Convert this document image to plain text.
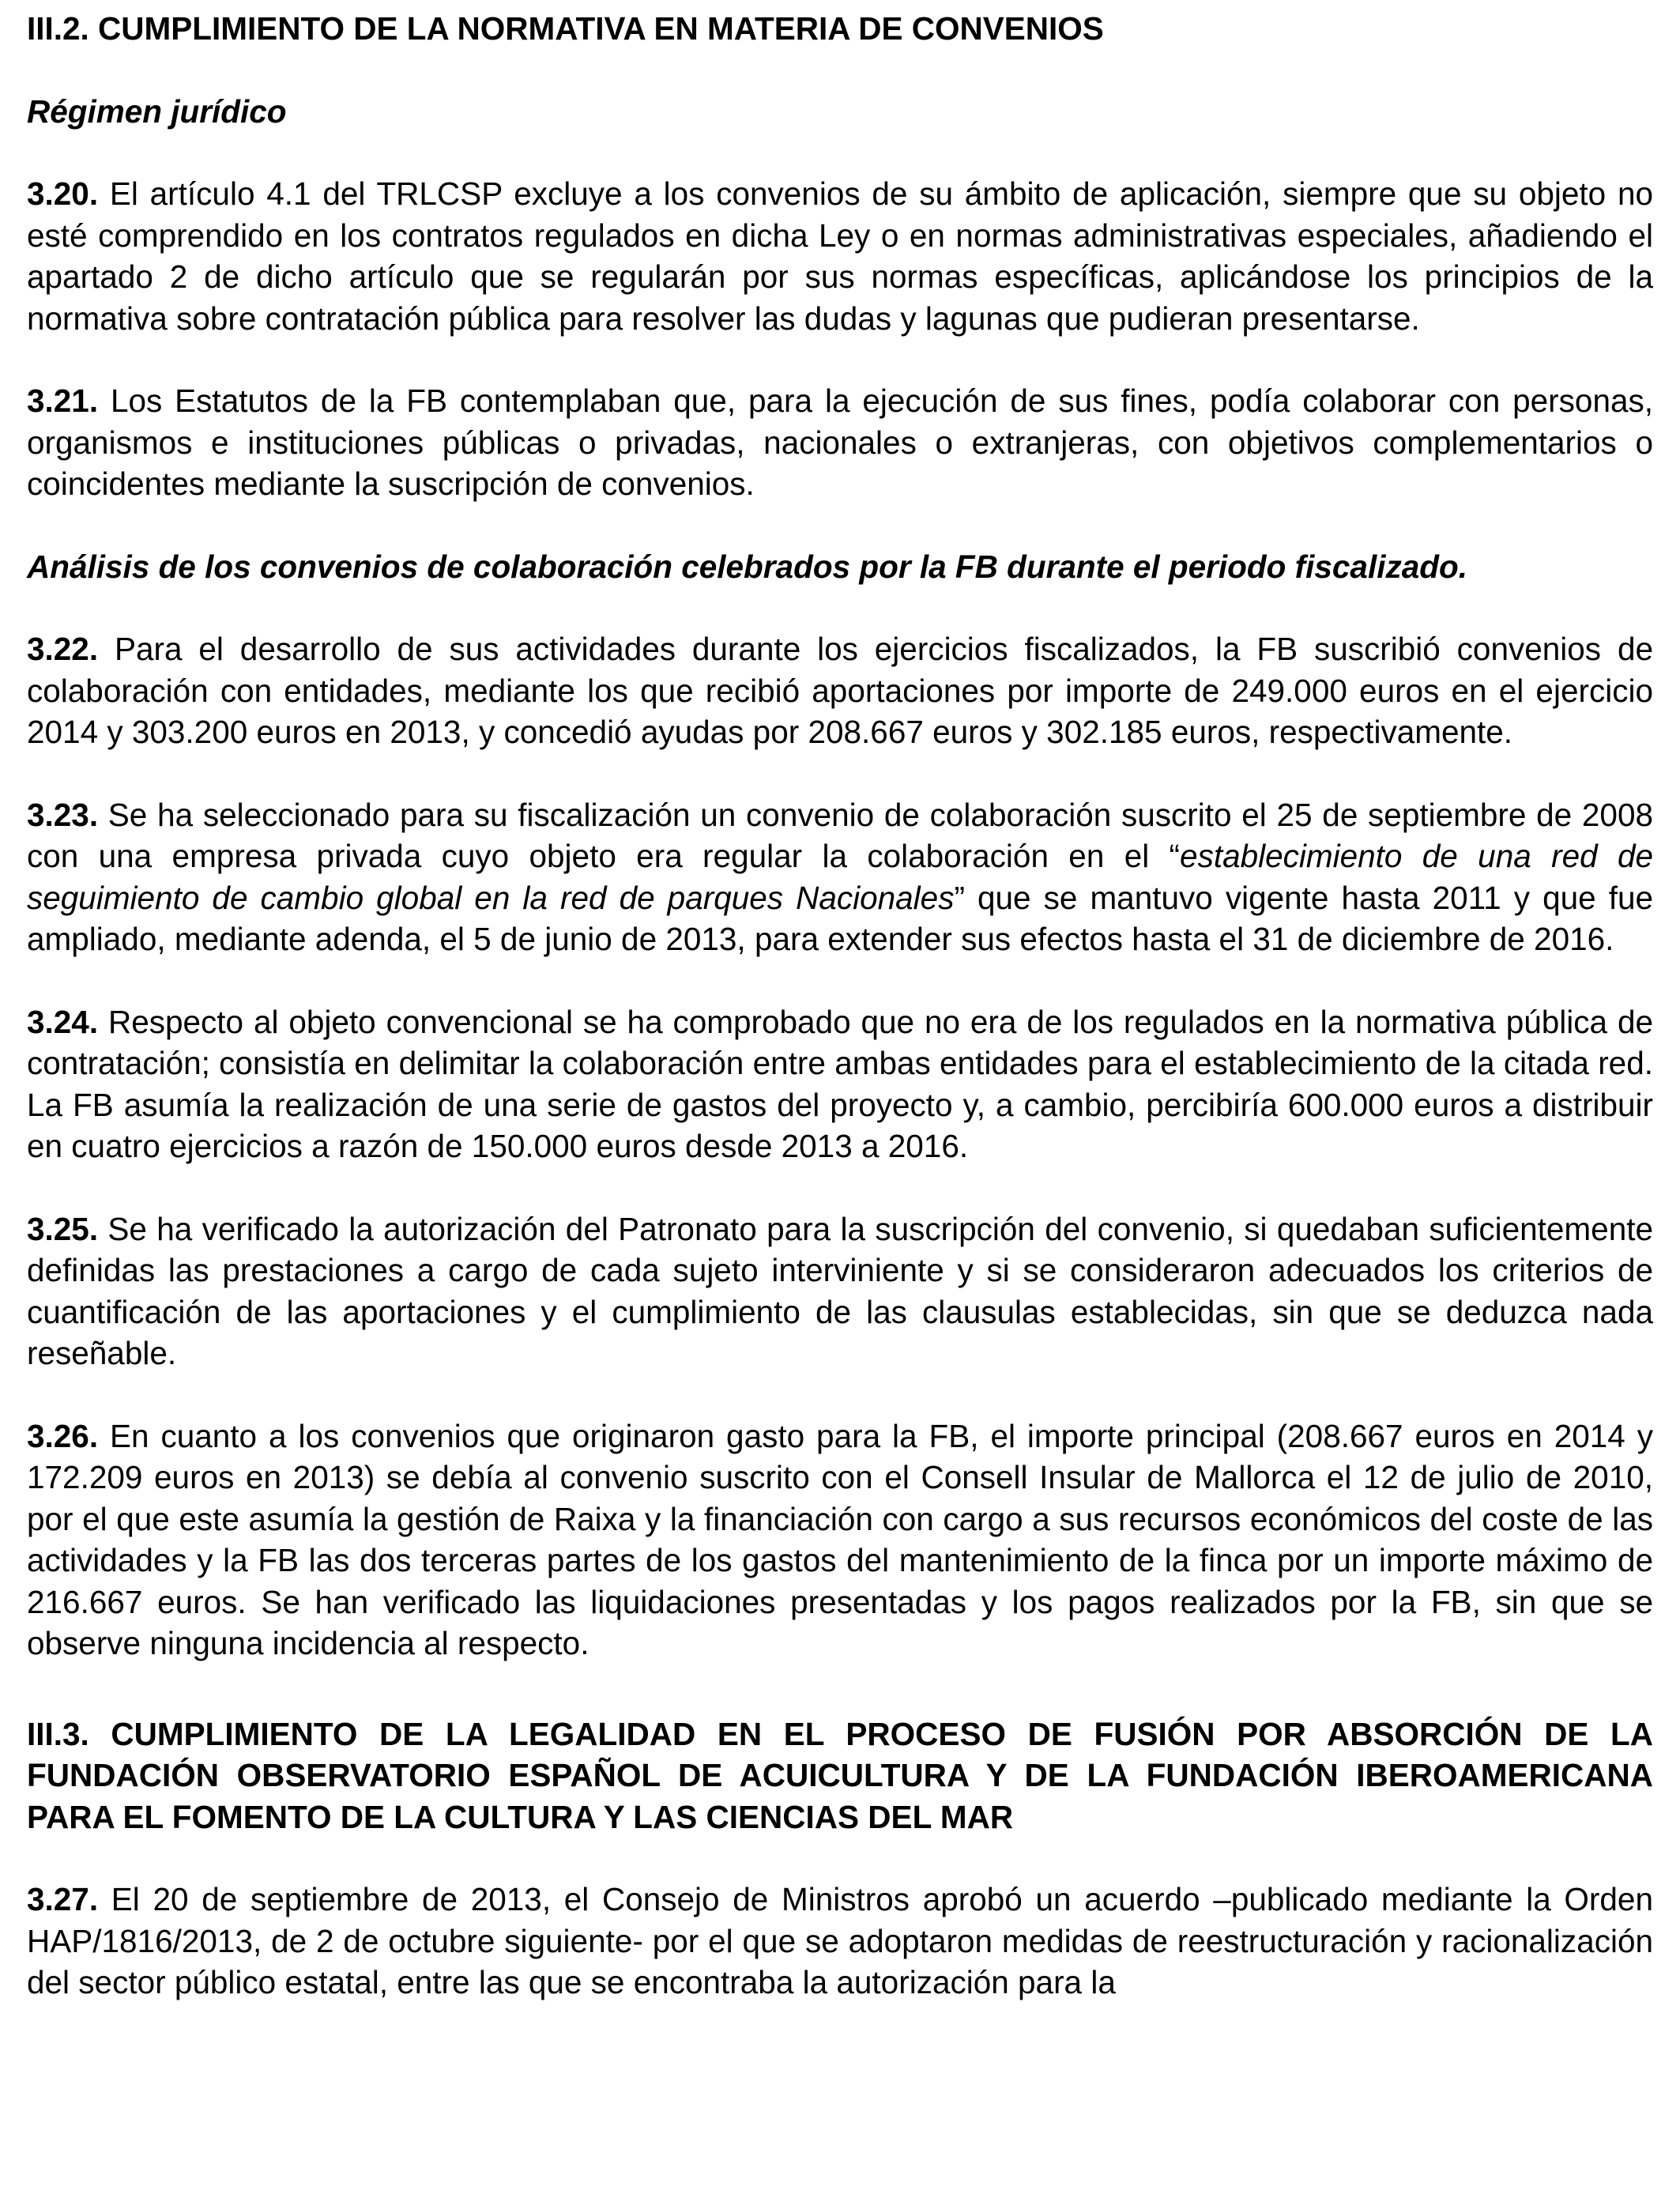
III.2. CUMPLIMIENTO DE LA NORMATIVA EN MATERIA DE CONVENIOS
Régimen jurídico

3.20. El artículo 4.1 del TRLCSP excluye a los convenios de su ámbito de aplicación, siempre que su objeto no esté comprendido en los contratos regulados en dicha Ley o en normas administrativas especiales, añadiendo el apartado 2 de dicho artículo que se regularán por sus normas específicas, aplicándose los principios de la normativa sobre contratación pública para resolver las dudas y lagunas que pudieran presentarse.

3.21. Los Estatutos de la FB contemplaban que, para la ejecución de sus fines, podía colaborar con personas, organismos e instituciones públicas o privadas, nacionales o extranjeras, con objetivos complementarios o coincidentes mediante la suscripción de convenios.

Análisis de los convenios de colaboración celebrados por la FB durante el periodo fiscalizado.

3.22. Para el desarrollo de sus actividades durante los ejercicios fiscalizados, la FB suscribió convenios de colaboración con entidades, mediante los que recibió aportaciones por importe de 249.000 euros en el ejercicio 2014 y 303.200 euros en 2013, y concedió ayudas por 208.667 euros y 302.185 euros, respectivamente.

3.23. Se ha seleccionado para su fiscalización un convenio de colaboración suscrito el 25 de septiembre de 2008 con una empresa privada cuyo objeto era regular la colaboración en el “establecimiento de una red de seguimiento de cambio global en la red de parques Nacionales” que se mantuvo vigente hasta 2011 y que fue ampliado, mediante adenda, el 5 de junio de 2013, para extender sus efectos hasta el 31 de diciembre de 2016.

3.24. Respecto al objeto convencional se ha comprobado que no era de los regulados en la normativa pública de contratación; consistía en delimitar la colaboración entre ambas entidades para el establecimiento de la citada red. La FB asumía la realización de una serie de gastos del proyecto y, a cambio, percibiría 600.000 euros a distribuir en cuatro ejercicios a razón de 150.000 euros desde 2013 a 2016.

3.25. Se ha verificado la autorización del Patronato para la suscripción del convenio, si quedaban suficientemente definidas las prestaciones a cargo de cada sujeto interviniente y si se consideraron adecuados los criterios de cuantificación de las aportaciones y el cumplimiento de las clausulas establecidas, sin que se deduzca nada reseñable.

3.26. En cuanto a los convenios que originaron gasto para la FB, el importe principal (208.667 euros en 2014 y 172.209 euros en 2013) se debía al convenio suscrito con el Consell Insular de Mallorca el 12 de julio de 2010, por el que este asumía la gestión de Raixa y la financiación con cargo a sus recursos económicos del coste de las actividades y la FB las dos terceras partes de los gastos del mantenimiento de la finca por un importe máximo de 216.667 euros. Se han verificado las liquidaciones presentadas y los pagos realizados por la FB, sin que se observe ninguna incidencia al respecto.

III.3. CUMPLIMIENTO DE LA LEGALIDAD EN EL PROCESO DE FUSIÓN POR ABSORCIÓN DE LA FUNDACIÓN OBSERVATORIO ESPAÑOL DE ACUICULTURA Y DE LA FUNDACIÓN IBEROAMERICANA PARA EL FOMENTO DE LA CULTURA Y LAS CIENCIAS DEL MAR

3.27. El 20 de septiembre de 2013, el Consejo de Ministros aprobó un acuerdo –publicado mediante la Orden HAP/1816/2013, de 2 de octubre siguiente- por el que se adoptaron medidas de reestructuración y racionalización del sector público estatal, entre las que se encontraba la autorización para la
